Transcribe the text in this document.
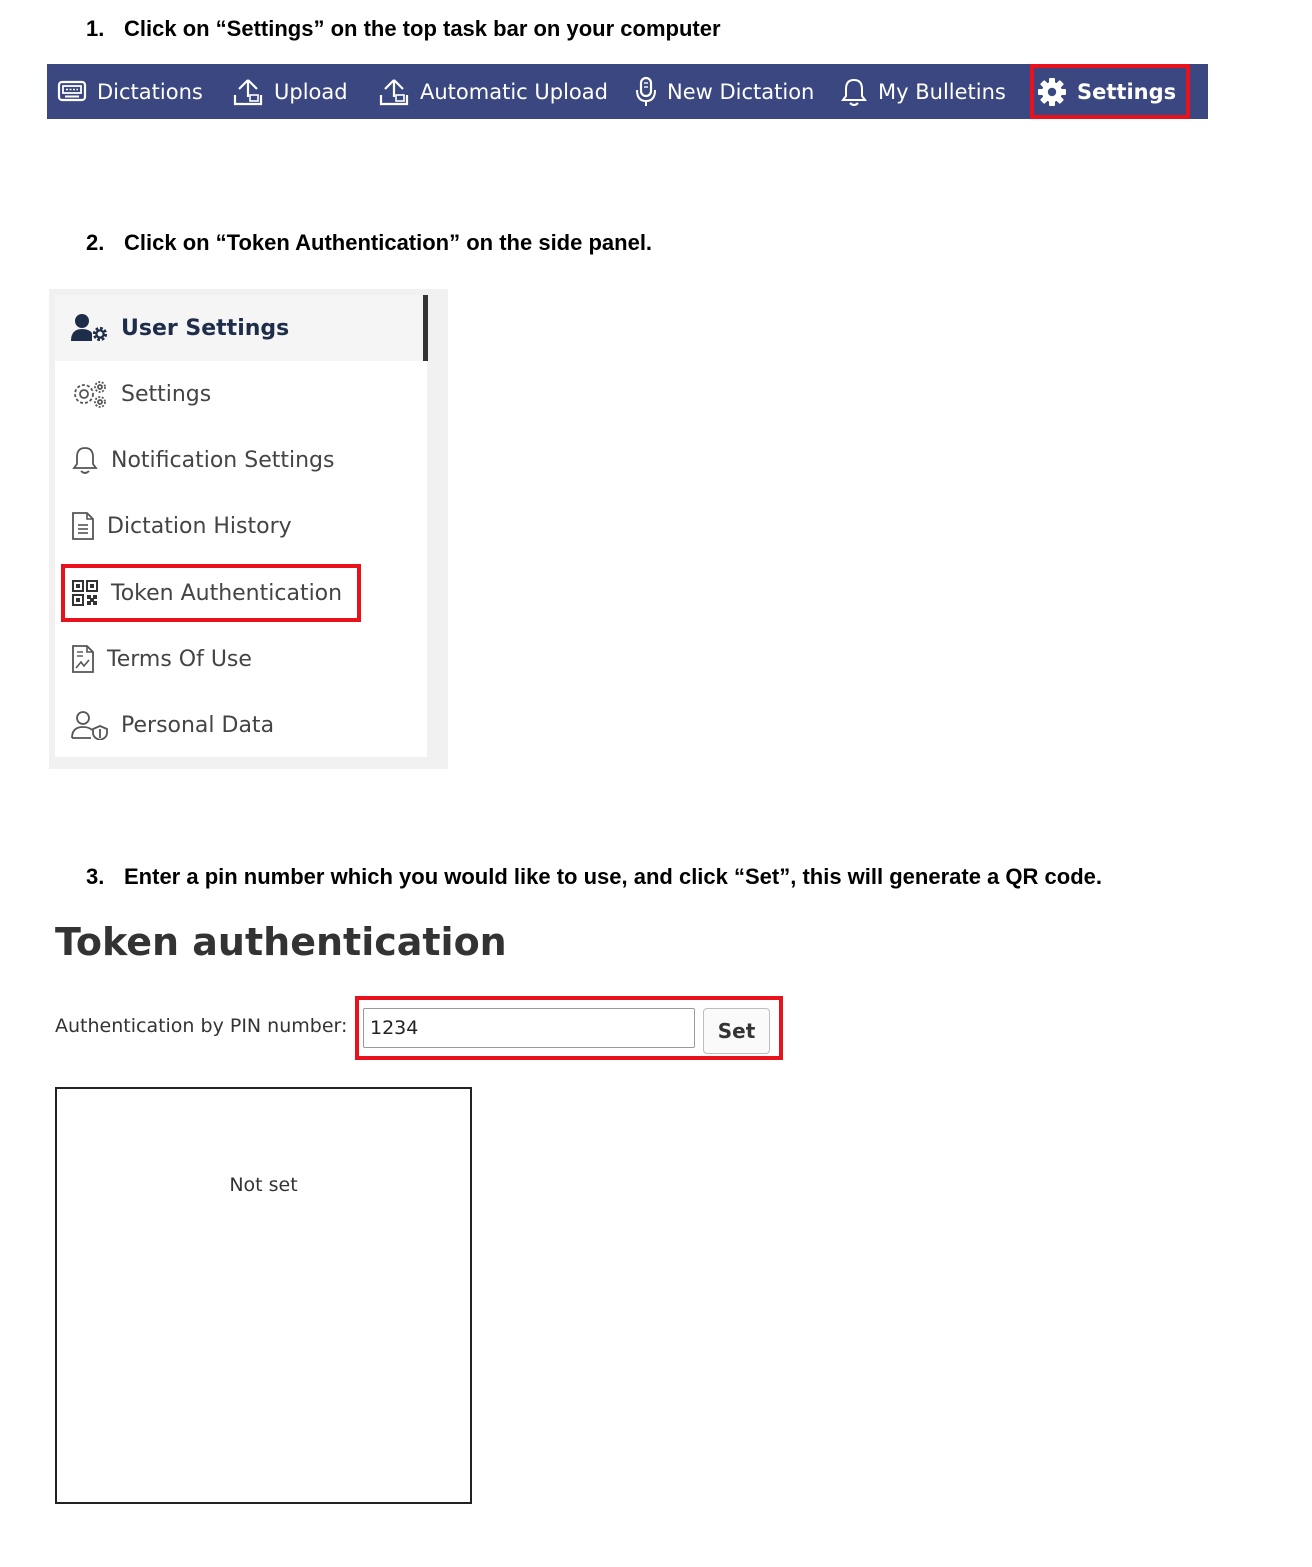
1. Click on “Settings” on the top task bar on your computer
Dictations	Upload	Automatic Upload	New Dictation	My Bulletins	Settings
2. Click on “Token Authentication” on the side panel.
User Settings
Settings
Notification Settings
Dictation History
Token Authentication
Terms Of Use
Personal Data
3. Enter a pin number which you would like to use, and click “Set”, this will generate a QR code.
Token authentication
Authentication by PIN number:
1234	Set
Not set
